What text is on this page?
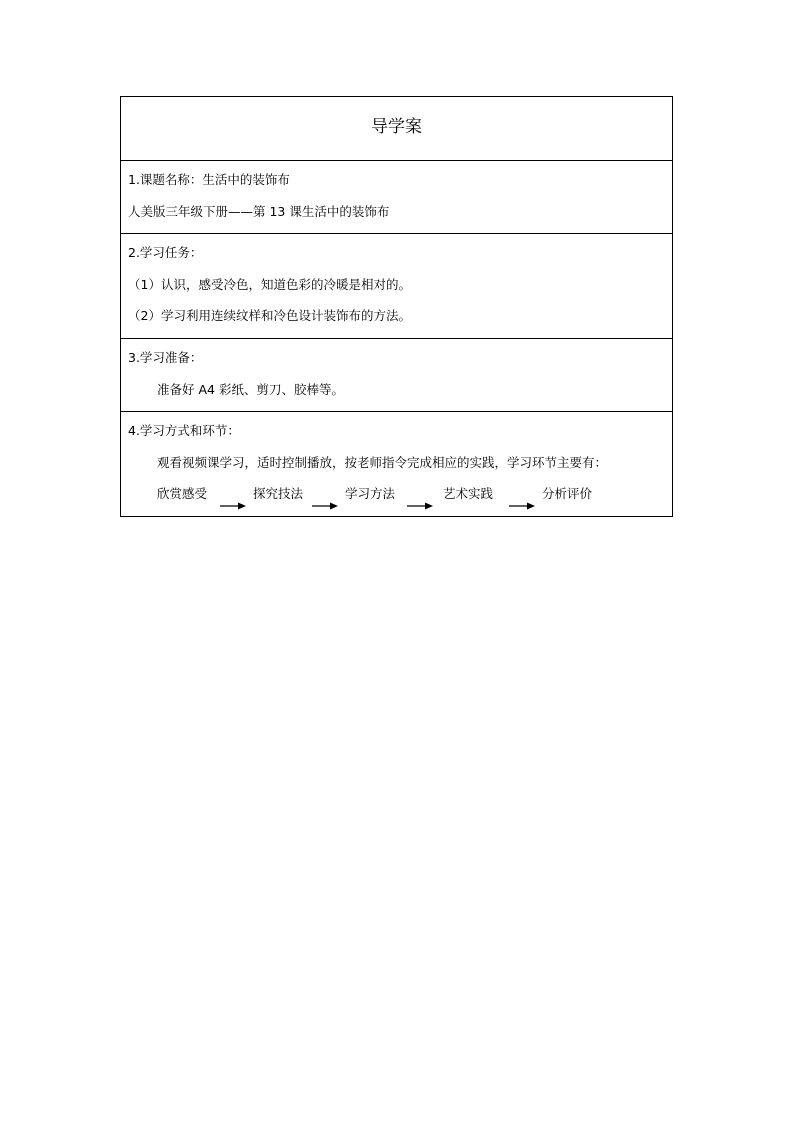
导学案
1.课题名称：生活中的装饰布
人美版三年级下册——第 13 课生活中的装饰布
2.学习任务：
（1）认识，感受冷色，知道色彩的冷暖是相对的。
（2）学习利用连续纹样和冷色设计装饰布的方法。
3.学习准备：
准备好 A4 彩纸、剪刀、胶棒等。
4.学习方式和环节：
观看视频课学习，适时控制播放，按老师指令完成相应的实践，学习环节主要有：
欣赏感受	探究技法	学习方法	艺术实践	分析评价
